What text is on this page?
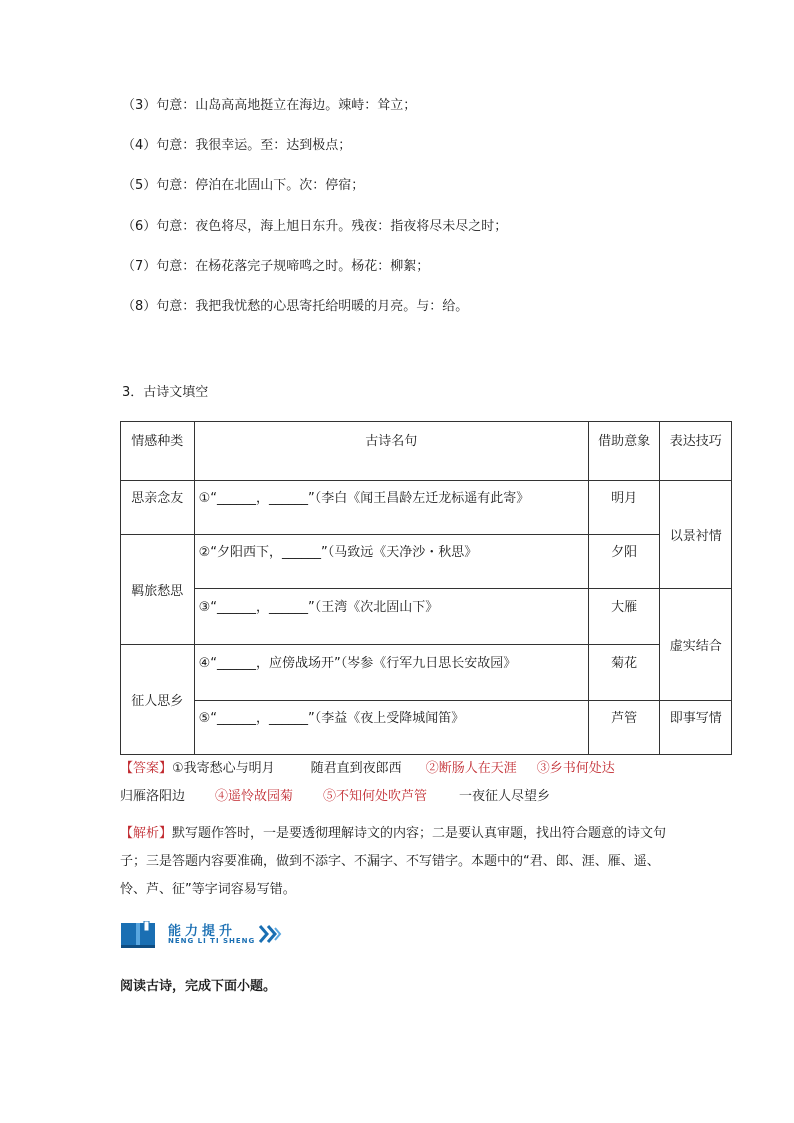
（3）句意：山岛高高地挺立在海边。竦峙：耸立；
（4）句意：我很幸运。至：达到极点；
（5）句意：停泊在北固山下。次：停宿；
（6）句意：夜色将尽，海上旭日东升。残夜：指夜将尽未尽之时；
（7）句意：在杨花落完子规啼鸣之时。杨花：柳絮；
（8）句意：我把我忧愁的心思寄托给明暖的月亮。与：给。
3．古诗文填空
情感种类	古诗名句	借助意象	表达技巧
思亲念友	①“______，______”（李白《闻王昌龄左迁龙标遥有此寄》	明月	以景衬情
羁旅愁思	②“夕阳西下，______”（马致远《天净沙・秋思》	夕阳	
	③“______，______”（王湾《次北固山下》	大雁	虚实结合
征人思乡	④“______，应傍战场开”（岑参《行军九日思长安故园》	菊花	
	⑤“______，______”（李益《夜上受降城闻笛》	芦管	即事写情
【答案】①我寄愁心与明月	随君直到夜郎西 ②断肠人在天涯 ③乡书何处达
归雁洛阳边 ④遥怜故园菊 ⑤不知何处吹芦管 一夜征人尽望乡
【解析】默写题作答时，一是要透彻理解诗文的内容；二是要认真审题，找出符合题意的诗文句子；三是答题内容要准确，做到不添字、不漏字、不写错字。本题中的“君、郎、涯、雁、遥、怜、芦、征”等字词容易写错。
能力提升
NENG LI TI SHENG
阅读古诗，完成下面小题。
